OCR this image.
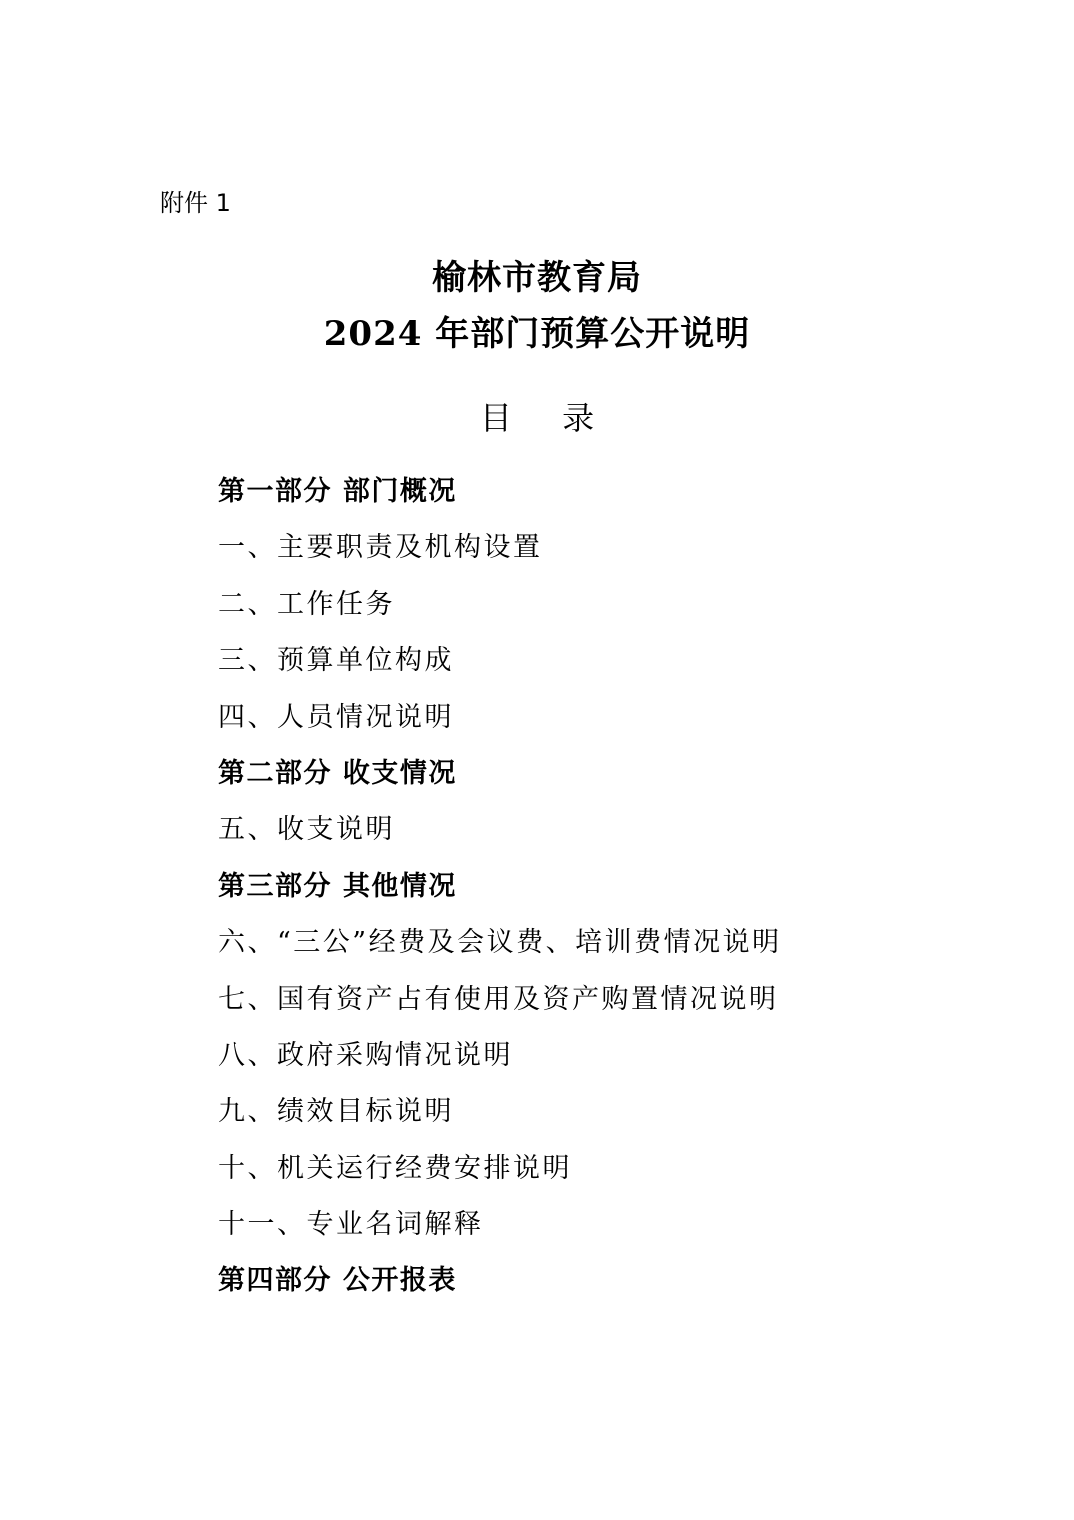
附件 1
榆林市教育局
2024 年部门预算公开说明
目 录
第一部分 部门概况
一、主要职责及机构设置
二、工作任务
三、预算单位构成
四、人员情况说明
第二部分 收支情况
五、收支说明
第三部分 其他情况
六、“三公”经费及会议费、培训费情况说明
七、国有资产占有使用及资产购置情况说明
八、政府采购情况说明
九、绩效目标说明
十、机关运行经费安排说明
十一、专业名词解释
第四部分 公开报表
